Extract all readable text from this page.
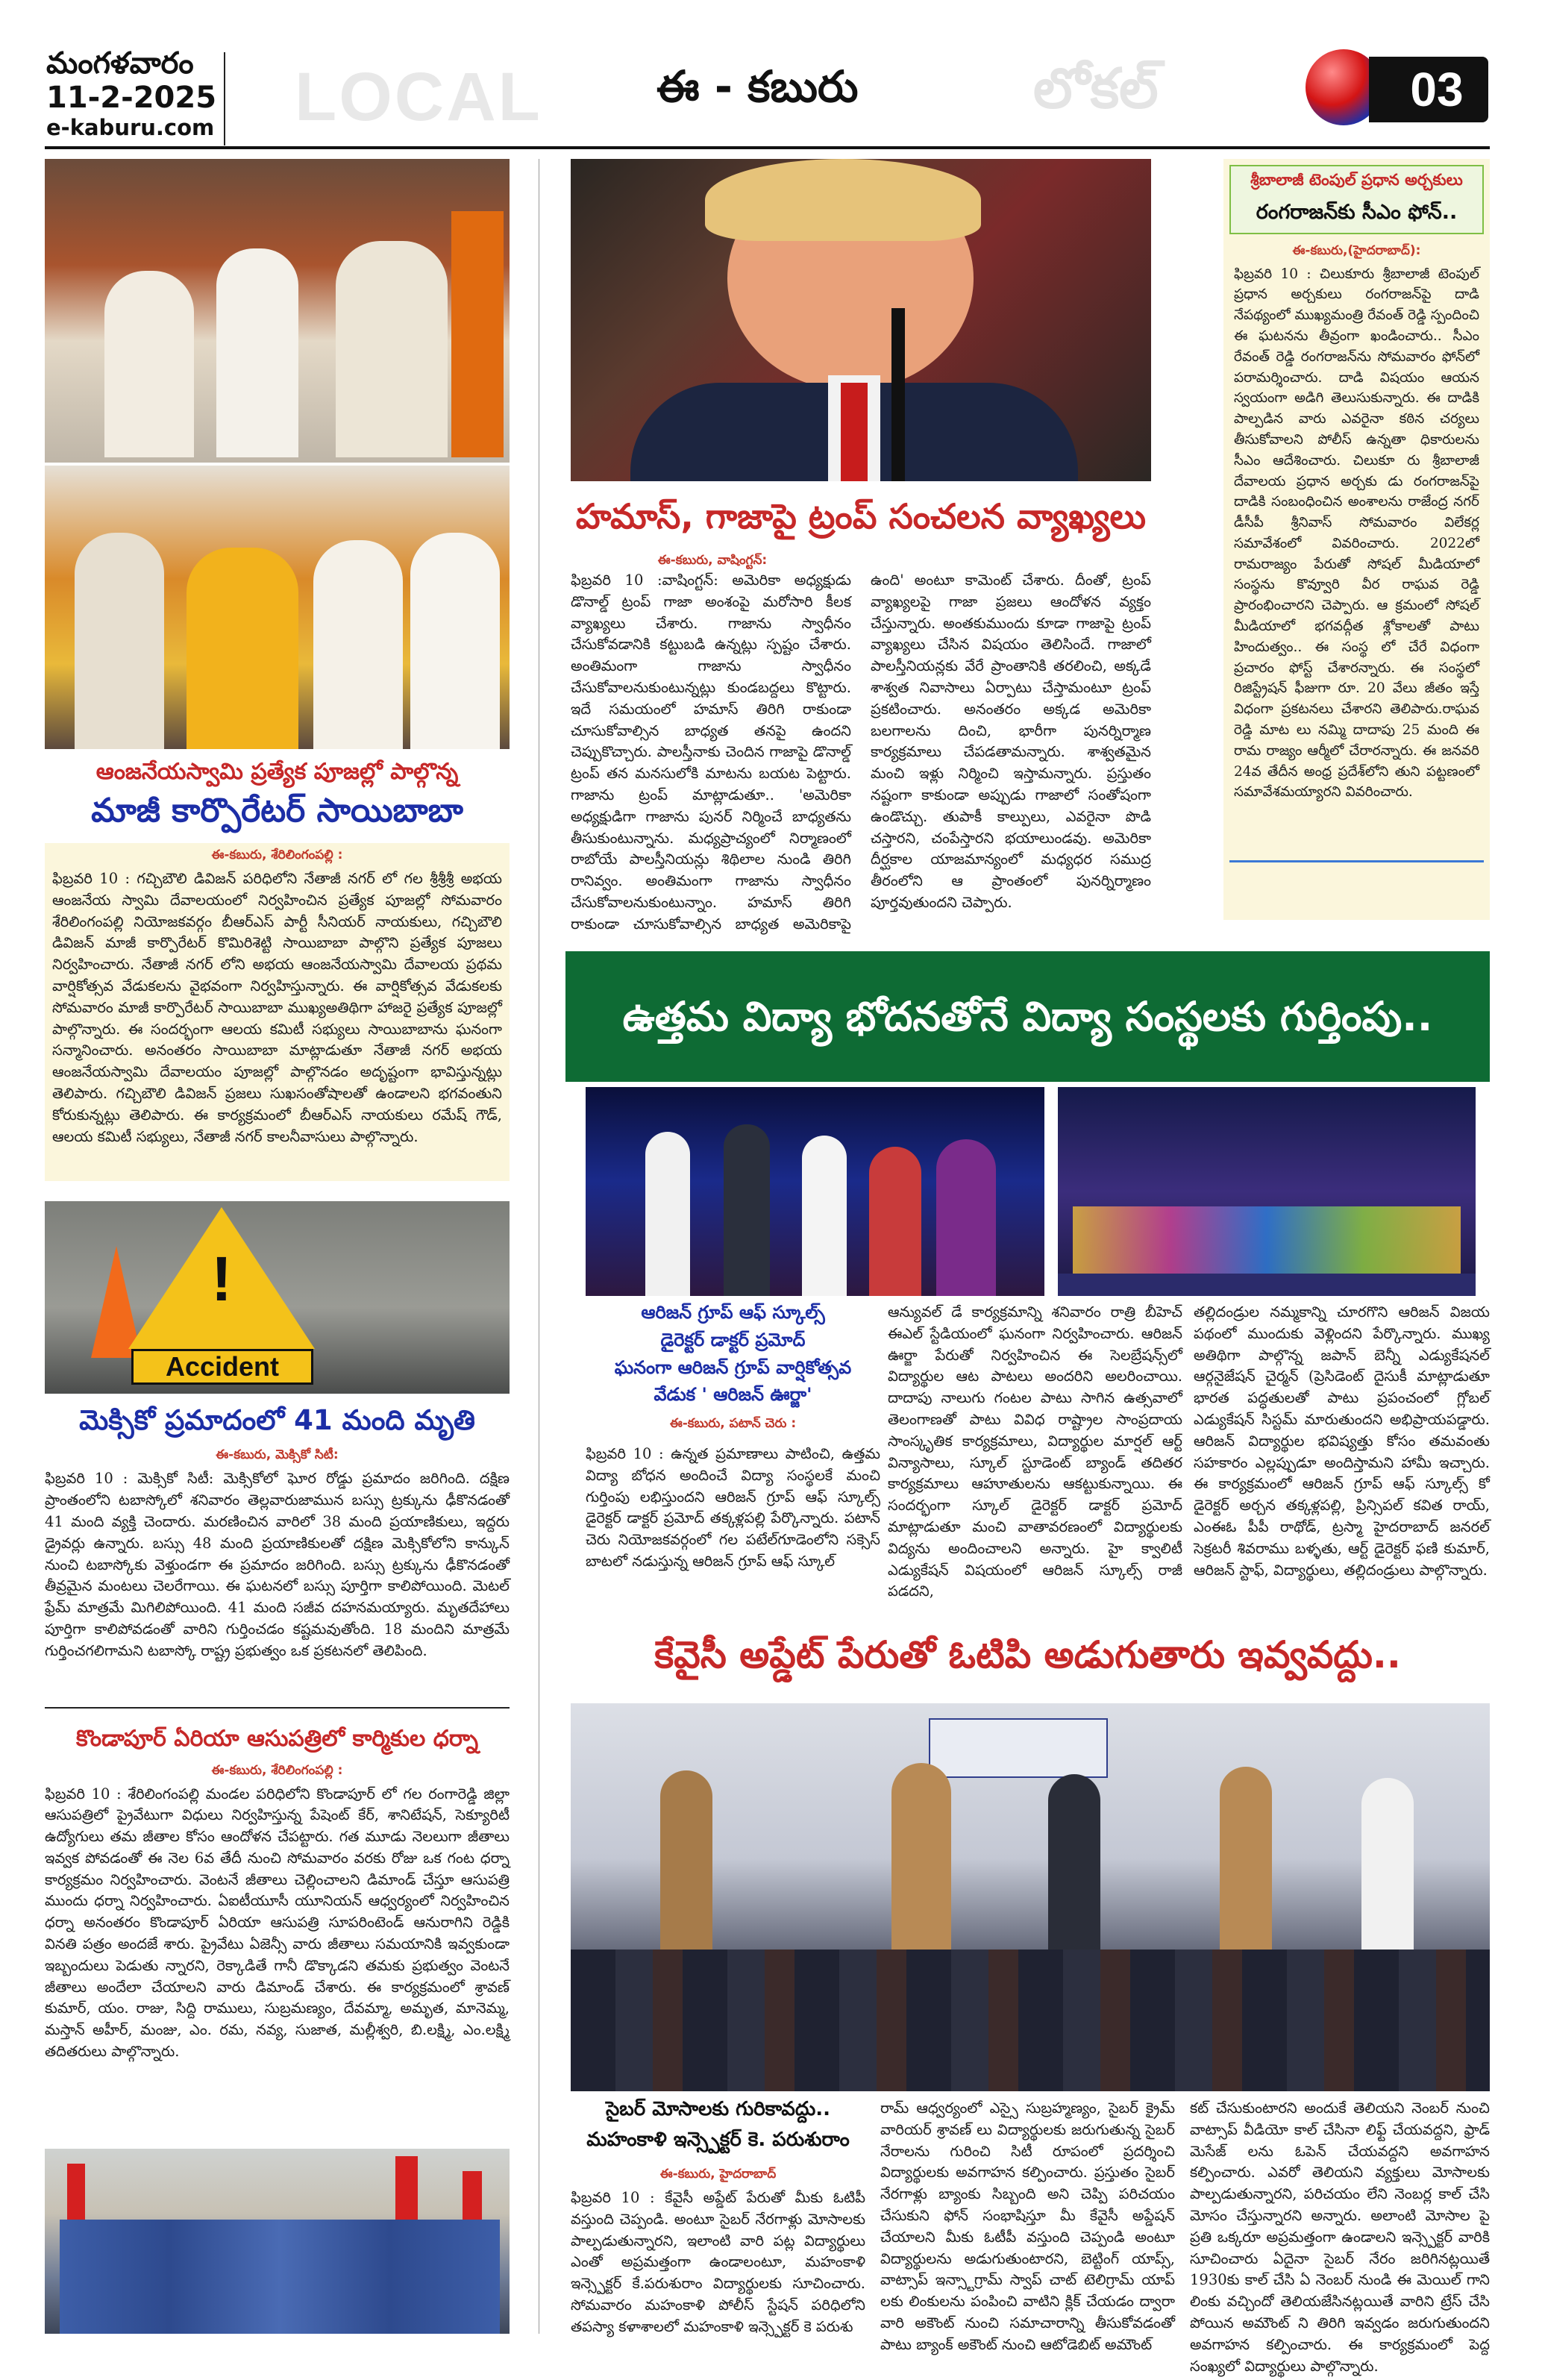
మంగళవారం
11-2-2025
e-kaburu.com LOCAL	ఈ - కబురు	లోకల్	03
ఆంజనేయస్వామి ప్రత్యేక పూజల్లో పాల్గొన్న
మాజీ కార్పొరేటర్ సాయిబాబా
ఈ-కబురు, శేరిలింగంపల్లి :

ఫిబ్రవరి 10 : గచ్చిబౌలి డివిజన్ పరిధిలోని నేతాజీ నగర్ లో గల శ్రీశ్రీశ్రీ అభయ ఆంజనేయ స్వామి దేవాలయంలో నిర్వహించిన ప్రత్యేక పూజల్లో సోమవారం శేరిలింగంపల్లి నియోజకవర్గం బీఆర్ఎస్ పార్టీ సీనియర్ నాయకులు, గచ్చిబౌలి డివిజన్ మాజీ కార్పొరేటర్ కొమిరిశెట్టి సాయిబాబా పాల్గొని ప్రత్యేక పూజలు నిర్వహించారు. నేతాజీ నగర్ లోని అభయ ఆంజనేయస్వామి దేవాలయ ప్రథమ వార్షికోత్సవ వేడుకలను వైభవంగా నిర్వహిస్తున్నారు. ఈ వార్షికోత్సవ వేడుకలకు సోమవారం మాజీ కార్పొరేటర్ సాయిబాబా ముఖ్యఅతిథిగా హాజరై ప్రత్యేక పూజల్లో పాల్గొన్నారు. ఈ సందర్భంగా ఆలయ కమిటీ సభ్యులు సాయిబాబాను ఘనంగా సన్మానించారు. అనంతరం సాయిబాబా మాట్లాడుతూ నేతాజీ నగర్ అభయ ఆంజనేయస్వామి దేవాలయం పూజల్లో పాల్గొనడం అదృష్టంగా భావిస్తున్నట్లు తెలిపారు. గచ్చిబౌలి డివిజన్ ప్రజలు సుఖసంతోషాలతో ఉండాలని భగవంతుని కోరుకున్నట్లు తెలిపారు. ఈ కార్యక్రమంలో బీఆర్ఎస్ నాయకులు రమేష్ గౌడ్, ఆలయ కమిటీ సభ్యులు, నేతాజీ నగర్ కాలనీవాసులు పాల్గొన్నారు.

!
Accident
మెక్సికో ప్రమాదంలో 41 మంది మృతి
ఈ-కబురు, మెక్సికో సిటీ:

ఫిబ్రవరి 10 : మెక్సికో సిటీ: మెక్సికోలో ఘోర రోడ్డు ప్రమాదం జరిగింది. దక్షిణ ప్రాంతంలోని టబాస్కోలో శనివారం తెల్లవారుజామున బస్సు ట్రక్కును ఢీకొనడంతో 41 మంది వ్యక్తి చెందారు. మరణించిన వారిలో 38 మంది ప్రయాణికులు, ఇద్దరు డ్రైవర్లు ఉన్నారు. బస్సు 48 మంది ప్రయాణికులతో దక్షిణ మెక్సికోలోని కాన్కున్ నుంచి టబాస్కోకు వెళ్తుండగా ఈ ప్రమాదం జరిగింది. బస్సు ట్రక్కును ఢీకొనడంతో తీవ్రమైన మంటలు చెలరేగాయి. ఈ ఘటనలో బస్సు పూర్తిగా కాలిపోయింది. మెటల్ ఫ్రేమ్ మాత్రమే మిగిలిపోయింది. 41 మంది సజీవ దహనమయ్యారు. మృతదేహాలు పూర్తిగా కాలిపోవడంతో వారిని గుర్తించడం కష్టమవుతోంది. 18 మందిని మాత్రమే గుర్తించగలిగామని టబాస్కో రాష్ట్ర ప్రభుత్వం ఒక ప్రకటనలో తెలిపింది.

కొండాపూర్ ఏరియా ఆసుపత్రిలో కార్మికుల ధర్నా
ఈ-కబురు, శేరిలింగంపల్లి :

ఫిబ్రవరి 10 : శేరిలింగంపల్లి మండల పరిధిలోని కొండాపూర్ లో గల రంగారెడ్డి జిల్లా ఆసుపత్రిలో ప్రైవేటుగా విధులు నిర్వహిస్తున్న పేషెంట్ కేర్, శానిటేషన్, సెక్యూరిటీ ఉద్యోగులు తమ జీతాల కోసం ఆందోళన చేపట్టారు. గత మూడు నెలలుగా జీతాలు ఇవ్వక పోవడంతో ఈ నెల 6వ తేదీ నుంచి సోమవారం వరకు రోజు ఒక గంట ధర్నా కార్యక్రమం నిర్వహించారు. వెంటనే జీతాలు చెల్లించాలని డిమాండ్ చేస్తూ ఆసుపత్రి ముందు ధర్నా నిర్వహించారు. ఏఐటీయూసీ యూనియన్ ఆధ్వర్యంలో నిర్వహించిన ధర్నా అనంతరం కొండాపూర్ ఏరియా ఆసుపత్రి సూపరింటెండ్ ఆనురాగిని రెడ్డికి వినతి పత్రం అందజే శారు. ప్రైవేటు ఏజెన్సీ వారు జీతాలు సమయానికి ఇవ్వకుండా ఇబ్బందులు పెడుతు న్నారని, రెక్కాడితే గానీ డొక్కాడని తమకు ప్రభుత్వం వెంటనే జీతాలు అందేలా చేయాలని వారు డిమాండ్ చేశారు. ఈ కార్యక్రమంలో శ్రావణ్ కుమార్, యం. రాజు, సిద్ది రాములు, సుబ్రమణ్యం, దేవమ్మా, అమృత, మానెమ్మ, మస్తాన్ అహీర్, మంజు, ఎం. రమ, నవ్య, సుజాత, మల్లీశ్వరి, బి.లక్ష్మి, ఎం.లక్ష్మి తదితరులు పాల్గొన్నారు.

హమాస్, గాజాపై ట్రంప్ సంచలన వ్యాఖ్యలు
ఈ-కబురు, వాషింగ్టన్:

ఫిబ్రవరి 10 :వాషింగ్టన్: అమెరికా అధ్యక్షుడు డొనాల్డ్ ట్రంప్ గాజా అంశంపై మరోసారి కీలక వ్యాఖ్యలు చేశారు. గాజాను స్వాధీనం చేసుకోవడానికి కట్టుబడి ఉన్నట్లు స్పష్టం చేశారు. అంతిమంగా గాజాను స్వాధీనం చేసుకోవాలనుకుంటున్నట్లు కుండబద్దలు కొట్టారు. ఇదే సమయంలో హమాస్ తిరిగి రాకుండా చూసుకోవాల్సిన బాధ్యత తనపై ఉందని చెప్పుకొచ్చారు. పాలస్తీనాకు చెందిన గాజాపై డొనాల్డ్ ట్రంప్ తన మనసులోకి మాటను బయట పెట్టారు. గాజాను ట్రంప్ మాట్లాడుతూ.. 'అమెరికా అధ్యక్షుడిగా గాజాను పునర్ నిర్మించే బాధ్యతను తీసుకుంటున్నాను. మధ్యప్రాచ్యంలో నిర్మాణంలో రాబోయే పాలస్తీనియన్లు శిథిలాల నుండి తిరిగి రానివ్వం. అంతిమంగా గాజాను స్వాధీనం చేసుకోవాలనుకుంటున్నాం. హమాస్ తిరిగి రాకుండా చూసుకోవాల్సిన బాధ్యత అమెరికాపై ఉంది' అంటూ కామెంట్ చేశారు. దీంతో, ట్రంప్ వ్యాఖ్యలపై గాజా ప్రజలు ఆందోళన వ్యక్తం చేస్తున్నారు. అంతకుముందు కూడా గాజాపై ట్రంప్ వ్యాఖ్యలు చేసిన విషయం తెలిసిందే. గాజాలో పాలస్తీనియన్లకు వేరే ప్రాంతానికి తరలించి, అక్కడే శాశ్వత నివాసాలు ఏర్పాటు చేస్తామంటూ ట్రంప్ ప్రకటించారు. అనంతరం అక్కడ అమెరికా బలగాలను దించి, భారీగా పునర్నిర్మాణ కార్యక్రమాలు చేపడతామన్నారు. శాశ్వతమైన మంచి ఇళ్లు నిర్మించి ఇస్తామన్నారు. ప్రస్తుతం నష్టంగా కాకుండా అప్పుడు గాజాలో సంతోషంగా ఉండొచ్చు. తుపాకీ కాల్పులు, ఎవరైనా పొడి చస్తారని, చంపేస్తారని భయాలుండవు. అమెరికా దీర్ఘకాల యాజమాన్యంలో మధ్యధర సముద్ర తీరంలోని ఆ ప్రాంతంలో పునర్నిర్మాణం పూర్తవుతుందని చెప్పారు.

శ్రీబాలాజీ టెంపుల్ ప్రధాన అర్చకులు
రంగరాజన్‌కు సీఎం ఫోన్..
ఈ-కబురు,(హైదరాబాద్):

ఫిబ్రవరి 10 : చిలుకూరు శ్రీబాలాజీ టెంపుల్ ప్రధాన అర్చకులు రంగరాజన్‌పై దాడి నేపథ్యంలో ముఖ్యమంత్రి రేవంత్ రెడ్డి స్పందించి ఈ ఘటనను తీవ్రంగా ఖండించారు.. సీఎం రేవంత్ రెడ్డి రంగరాజన్‌ను సోమవారం ఫోన్‌లో పరామర్శించారు. దాడి విషయం ఆయన స్వయంగా అడిగి తెలుసుకున్నారు. ఈ దాడికి పాల్పడిన వారు ఎవరైనా కఠిన చర్యలు తీసుకోవాలని పోలీస్ ఉన్నతా ధికారులను సీఎం ఆదేశించారు. చిలుకూ రు శ్రీబాలాజీ దేవాలయ ప్రధాన అర్చకు డు రంగరాజన్‌పై దాడికి సంబంధించిన అంశాలను రాజేంద్ర నగర్ డీసీపీ శ్రీనివాస్ సోమవారం విలేకర్ల సమావేశంలో వివరించారు. 2022లో రామరాజ్యం పేరుతో సోషల్ మీడియాలో సంస్థను కొవ్వూరి వీర రాఘవ రెడ్డి ప్రారంభించారని చెప్పారు. ఆ క్రమంలో సోషల్ మీడియాలో భగవద్గీత శ్లోకాలతో పాటు హిందుత్వం.. ఈ సంస్థ లో చేరే విధంగా ప్రచారం ఫోస్ట్ చేశారన్నారు. ఈ సంస్థలో రిజిస్ట్రేషన్ ఫీజుగా రూ. 20 వేలు జీతం ఇస్తే విధంగా ప్రకటనలు చేశారని తెలిపారు.రాఘవ రెడ్డి మాట లు నమ్మి దాదాపు 25 మంది ఈ రామ రాజ్యం ఆర్మీలో చేరారన్నారు. ఈ జనవరి 24వ తేదీన అంధ్ర ప్రదేశ్‌లోని తుని పట్టణంలో సమావేశమయ్యారని వివరించారు.

ఉత్తమ విద్యా భోదనతోనే విద్యా సంస్థలకు గుర్తింపు..
ఆరిజన్ గ్రూప్ ఆఫ్ స్కూల్స్
డైరెక్టర్ డాక్టర్ ప్రమోద్
ఘనంగా ఆరిజన్ గ్రూప్ వార్షికోత్సవ
వేడుక ' ఆరిజన్ ఊర్జా'
ఈ-కబురు, పటాన్ చెరు :

ఫిబ్రవరి 10 : ఉన్నత ప్రమాణాలు పాటించి, ఉత్తమ విద్యా బోధన అందించే విద్యా సంస్థలకే మంచి గుర్తింపు లభిస్తుందని ఆరిజన్ గ్రూప్ ఆఫ్ స్కూల్స్ డైరెక్టర్ డాక్టర్ ప్రమోద్ తక్కళ్లపల్లి పేర్కొన్నారు. పటాన్ చెరు నియోజకవర్గంలో గల పటేల్‌గూడెంలోని సక్సెస్ బాటలో నడుస్తున్న ఆరిజన్ గ్రూప్ ఆఫ్ స్కూల్

ఆన్యువల్ డే కార్యక్రమాన్ని శనివారం రాత్రి బీహెచ్ ఈఎల్ స్టేడియంలో ఘనంగా నిర్వహించారు. ఆరిజన్ ఊర్జా పేరుతో నిర్వహించిన ఈ సెలబ్రేషన్స్‌లో విద్యార్థుల ఆట పాటలు అందరిని అలరించాయి. దాదాపు నాలుగు గంటల పాటు సాగిన ఉత్సవాలో తెలంగాణతో పాటు వివిధ రాష్ట్రాల సాంప్రదాయ సాంస్కృతిక కార్యక్రమాలు, విద్యార్థుల మార్షల్ ఆర్ట్ విన్యాసాలు, స్కూల్ స్టూడెంట్ బ్యాండ్ తదితర కార్యక్రమాలు ఆహూతులను ఆకట్టుకున్నాయి. ఈ సందర్భంగా స్కూల్ డైరెక్టర్ డాక్టర్ ప్రమోద్ మాట్లాడుతూ మంచి వాతావరణంలో విద్యార్థులకు విద్యను అందించాలని అన్నారు. హై క్వాలిటీ ఎడ్యుకేషన్ విషయంలో ఆరిజన్ స్కూల్స్ రాజీ పడదని,

తల్లిదండ్రుల నమ్మకాన్ని చూరగొని ఆరిజన్ విజయ పథంలో ముందుకు వెళ్లిందని పేర్కొన్నారు. ముఖ్య అతిథిగా పాల్గొన్న జపాన్ బెన్నీ ఎడ్యుకేషనల్ ఆర్గనైజేషన్ చైర్మన్ (ప్రెసిడెంట్ దైసుకీ మాట్లాడుతూ భారత పద్ధతులతో పాటు ప్రపంచంలో గ్లోబల్ ఎడ్యుకేషన్ సిస్టమ్ మారుతుందని అభిప్రాయపడ్డారు. ఆరిజన్ విద్యార్థుల భవిష్యత్తు కోసం తమవంతు సహకారం ఎల్లప్పుడూ అందిస్తామని హామీ ఇచ్చారు. ఈ కార్యక్రమంలో ఆరిజన్ గ్రూప్ ఆఫ్ స్కూల్స్ కో డైరెక్టర్ అర్చన తక్కళ్లపల్లి, ప్రిన్సిపల్ కవిత రాయ్, ఎంఈఓ పీపీ రాథోడ్, ట్రస్మా హైదరాబాద్ జనరల్ సెక్రటరీ శివరాము బళ్ళతు, ఆర్ట్ డైరెక్టర్ ఫణి కుమార్, ఆరిజన్ స్టాఫ్, విద్యార్థులు, తల్లిదండ్రులు పాల్గొన్నారు.

కేవైసీ అప్డేట్ పేరుతో ఓటిపి అడుగుతారు ఇవ్వవద్దు..
సైబర్ మోసాలకు గురికావద్దు..
మహంకాళి ఇన్స్పెక్టర్ కె. పరుశురాం
ఈ-కబురు, హైదరాబాద్

ఫిబ్రవరి 10 : కేవైసీ అప్డేట్ పేరుతో మీకు ఓటిపీ వస్తుంది చెప్పండి. అంటూ సైబర్ నేరగాళ్లు మోసాలకు పాల్పడుతున్నారని, ఇలాంటి వారి పట్ల విద్యార్థులు ఎంతో అప్రమత్తంగా ఉండాలంటూ, మహంకాళి ఇన్స్పెక్టర్ కే.పరుశురాం విద్యార్థులకు సూచించారు. సోమవారం మహంకాళి పోలీస్ స్టేషన్ పరిధిలోని తపస్యా కళాశాలలో మహంకాళి ఇన్స్పెక్టర్ కె పరుశు

రామ్ ఆధ్వర్యంలో ఎస్సై సుబ్రహ్మణ్యం, సైబర్ క్రైమ్ వారియర్ శ్రావణ్ లు విద్యార్థులకు జరుగుతున్న సైబర్ నేరాలను గురించి సిటీ రూపంలో ప్రదర్శించి విద్యార్థులకు అవగాహన కల్పించారు. ప్రస్తుతం సైబర్ నేరగాళ్లు బ్యాంకు సిబ్బంది అని చెప్పి పరిచయం చేసుకుని ఫోన్ సంభాషిస్తూ మీ కేవైసీ అప్డేషన్ చేయాలని మీకు ఓటీపీ వస్తుంది చెప్పండి అంటూ విద్యార్థులను అడుగుతుంటారని, బెట్టింగ్ యాప్స్, వాట్సాప్ ఇన్స్టాగ్రామ్ స్వాప్ చాట్ టెలిగ్రామ్ యాప్ లకు లింకులను పంపించి వాటిని క్లిక్ చేయడం ద్వారా వారి అకౌంట్ నుంచి సమాచారాన్ని తీసుకోవడంతో పాటు బ్యాంక్ అకౌంట్ నుంచి ఆటోడెబిట్ అమౌంట్

కట్ చేసుకుంటారని అందుకే తెలియని నెంబర్ నుంచి వాట్సాప్ వీడియో కాల్ చేసినా లిఫ్ట్ చేయవద్దని, ఫ్రాడ్ మెసేజ్ లను ఓపెన్ చేయవద్దని అవగాహన కల్పించారు. ఎవరో తెలియని వ్యక్తులు మోసాలకు పాల్పడుతున్నారని, పరిచయం లేని నెంబర్ల కాల్ చేసి మోసం చేస్తున్నారని అన్నారు. అలాంటి మోసాల పై ప్రతి ఒక్కరూ అప్రమత్తంగా ఉండాలని ఇన్స్పెక్టర్ వారికి సూచించారు ఏదైనా సైబర్ నేరం జరిగినట్లయితే 1930కు కాల్ చేసి ఏ నెంబర్ నుండి ఈ మెయిల్ గాని లింకు వచ్చిందో తెలియజేసినట్లయితే వారిని ట్రేస్ చేసి పోయిన అమౌంట్ ని తిరిగి ఇవ్వడం జరుగుతుందని అవగాహన కల్పించారు. ఈ కార్యక్రమంలో పెద్ద సంఖ్యలో విద్యార్థులు పాల్గొన్నారు.
